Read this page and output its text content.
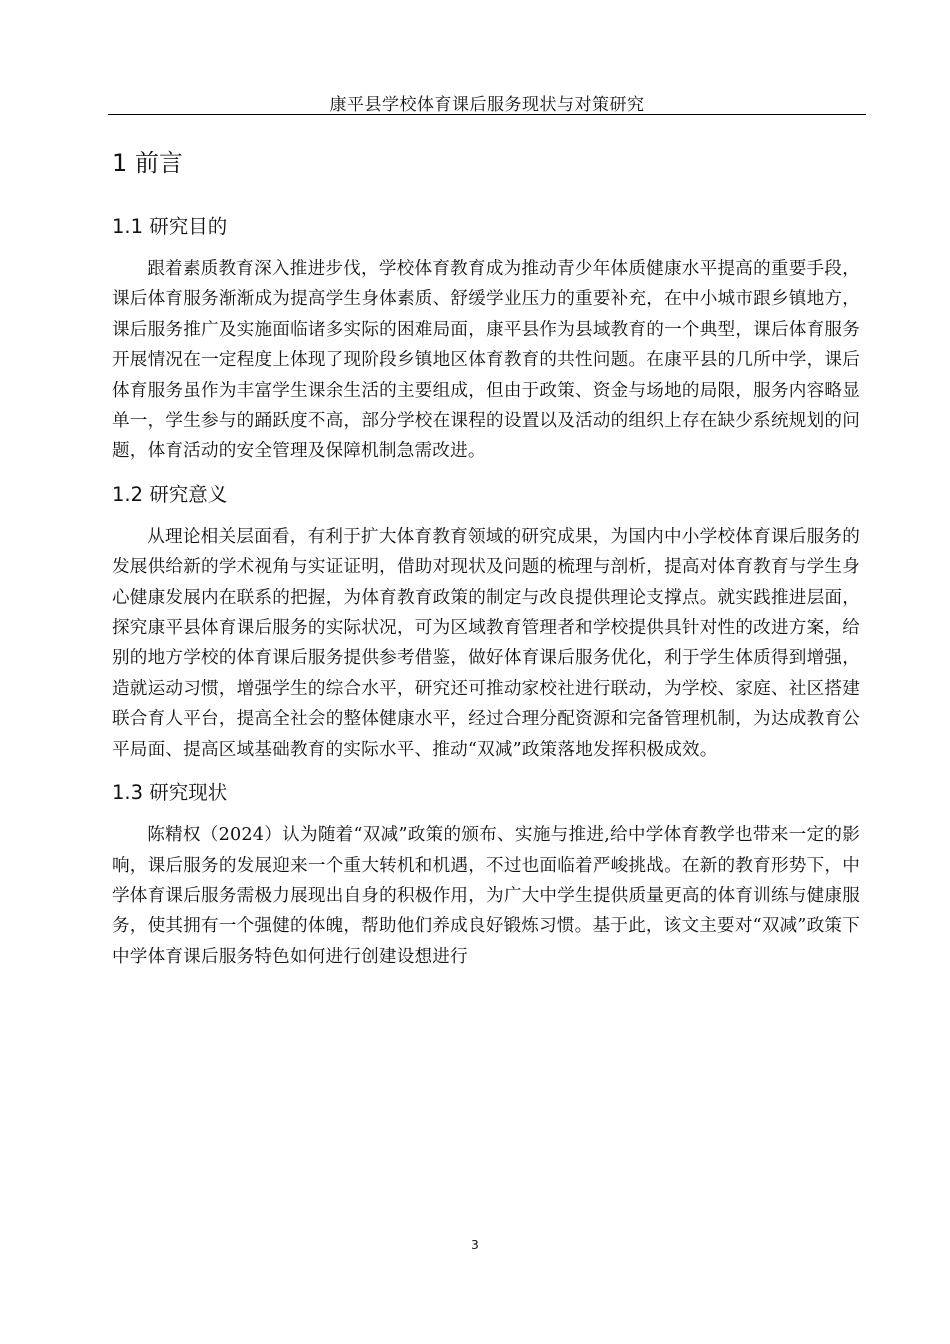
康平县学校体育课后服务现状与对策研究
1 前言
1.1 研究目的

跟着素质教育深入推进步伐，学校体育教育成为推动青少年体质健康水平提高的重要手段，课后体育服务渐渐成为提高学生身体素质、舒缓学业压力的重要补充，在中小城市跟乡镇地方，课后服务推广及实施面临诸多实际的困难局面，康平县作为县域教育的一个典型，课后体育服务开展情况在一定程度上体现了现阶段乡镇地区体育教育的共性问题。在康平县的几所中学，课后体育服务虽作为丰富学生课余生活的主要组成，但由于政策、资金与场地的局限，服务内容略显单一，学生参与的踊跃度不高，部分学校在课程的设置以及活动的组织上存在缺少系统规划的问题，体育活动的安全管理及保障机制急需改进。

1.2 研究意义

从理论相关层面看，有利于扩大体育教育领域的研究成果，为国内中小学校体育课后服务的发展供给新的学术视角与实证证明，借助对现状及问题的梳理与剖析，提高对体育教育与学生身心健康发展内在联系的把握，为体育教育政策的制定与改良提供理论支撑点。就实践推进层面，探究康平县体育课后服务的实际状况，可为区域教育管理者和学校提供具针对性的改进方案，给别的地方学校的体育课后服务提供参考借鉴，做好体育课后服务优化，利于学生体质得到增强，造就运动习惯，增强学生的综合水平，研究还可推动家校社进行联动，为学校、家庭、社区搭建联合育人平台，提高全社会的整体健康水平，经过合理分配资源和完备管理机制，为达成教育公平局面、提高区域基础教育的实际水平、推动“双减”政策落地发挥积极成效。

1.3 研究现状

陈精权（2024）认为随着“双减”政策的颁布、实施与推进,给中学体育教学也带来一定的影响，课后服务的发展迎来一个重大转机和机遇，不过也面临着严峻挑战。在新的教育形势下，中学体育课后服务需极力展现出自身的积极作用，为广大中学生提供质量更高的体育训练与健康服务，使其拥有一个强健的体魄，帮助他们养成良好锻炼习惯。基于此，该文主要对“双减”政策下中学体育课后服务特色如何进行创建设想进行

3
